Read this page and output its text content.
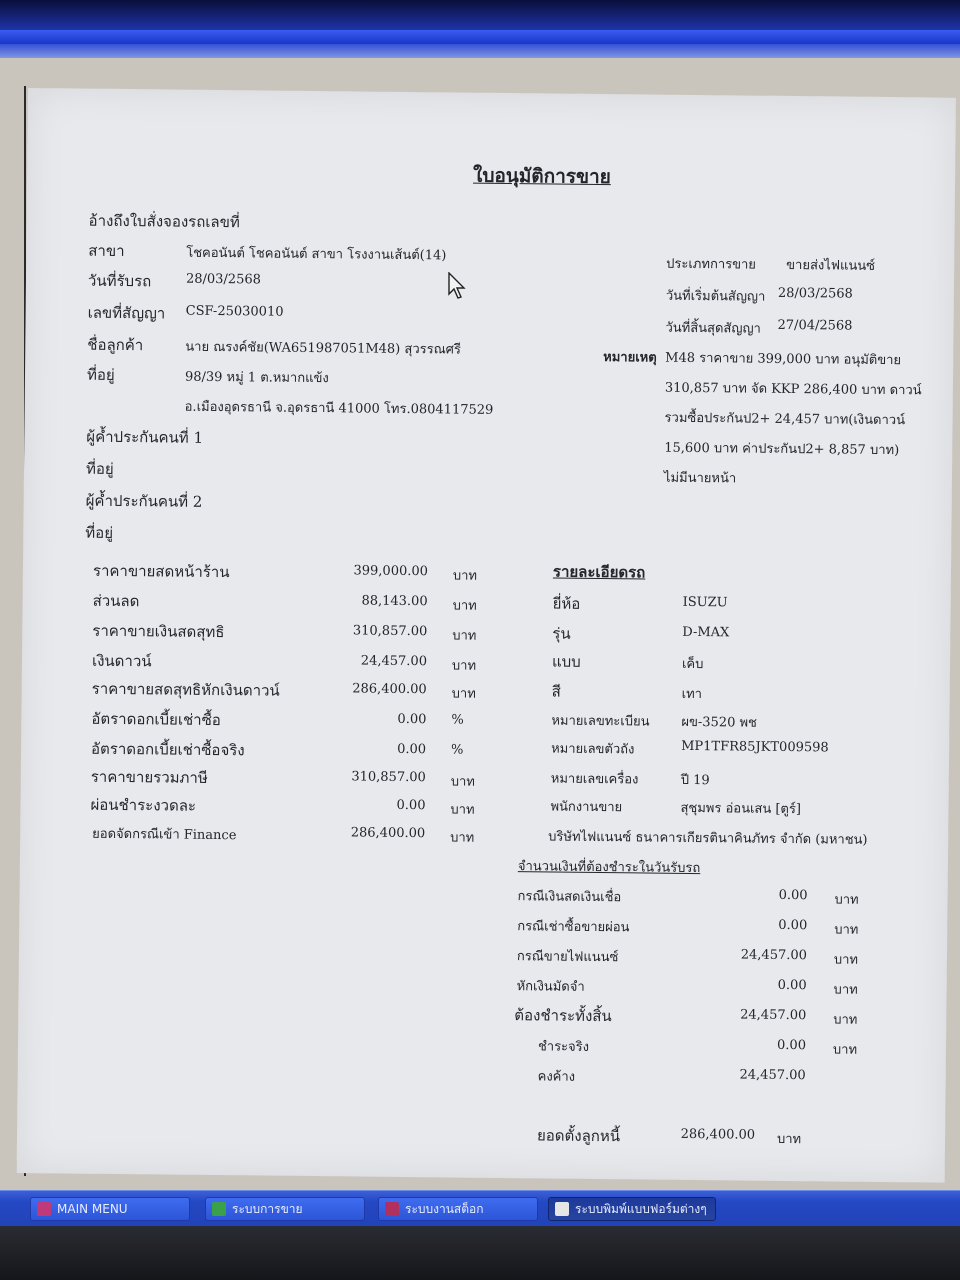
ใบอนุมัติการขาย
อ้างถึงใบสั่งจองรถเลขที่
สาขา	โชคอนันต์ โชคอนันต์ สาขา โรงงานเส้นต์(14)
วันที่รับรถ	28/03/2568
เลขที่สัญญา CSF-25030010
ชื่อลูกค้า	นาย ณรงค์ชัย(WA651987051M48) สุวรรณศรี
ที่อยู่	98/39 หมู่ 1 ต.หมากแข้ง
อ.เมืองอุดรธานี จ.อุดรธานี 41000 โทร.0804117529
ผู้ค้ำประกันคนที่ 1
ที่อยู่
ผู้ค้ำประกันคนที่ 2
ที่อยู่
ประเภทการขาย ขายส่งไฟแนนซ์
วันที่เริ่มต้นสัญญา 28/03/2568
วันที่สิ้นสุดสัญญา 27/04/2568
หมายเหตุ M48 ราคาขาย 399,000 บาท อนุมัติขาย
310,857 บาท จัด KKP 286,400 บาท ดาวน์
รวมซื้อประกันป2+ 24,457 บาท(เงินดาวน์
15,600 บาท ค่าประกันป2+ 8,857 บาท)
ไม่มีนายหน้า
ราคาขายสดหน้าร้าน	399,000.00 บาท
ส่วนลด	88,143.00 บาท
ราคาขายเงินสดสุทธิ	310,857.00 บาท
เงินดาวน์	24,457.00 บาท
ราคาขายสดสุทธิหักเงินดาวน์	286,400.00 บาท
อัตราดอกเบี้ยเช่าซื้อ	0.00 %
อัตราดอกเบี้ยเช่าซื้อจริง	0.00 %
ราคาขายรวมภาษี	310,857.00 บาท
ผ่อนชำระงวดละ	0.00 บาท
ยอดจัดกรณีเข้า Finance	286,400.00 บาท
รายละเอียดรถ
ยี่ห้อ	ISUZU
รุ่น	D-MAX
แบบ	เค็บ
สี	เทา
หมายเลขทะเบียน ผข-3520 พช
หมายเลขตัวถัง	MP1TFR85JKT009598
หมายเลขเครื่อง	ปี 19
พนักงานขาย	สุชุมพร อ่อนเสน [ตูร์]
บริษัทไฟแนนซ์ ธนาคารเกียรตินาคินภัทร จำกัด (มหาชน)
จำนวนเงินที่ต้องชำระในวันรับรถ
กรณีเงินสดเงินเชื่อ	0.00 บาท
กรณีเช่าซื้อขายผ่อน	0.00 บาท
กรณีขายไฟแนนซ์	24,457.00 บาท
หักเงินมัดจำ	0.00 บาท
ต้องชำระทั้งสิ้น	24,457.00 บาท
ชำระจริง	0.00 บาท
คงค้าง	24,457.00
ยอดตั้งลูกหนี้	286,400.00 บาท
MAIN MENU	ระบบการขาย	ระบบงานสต็อก	ระบบพิมพ์แบบฟอร์มต่างๆ
